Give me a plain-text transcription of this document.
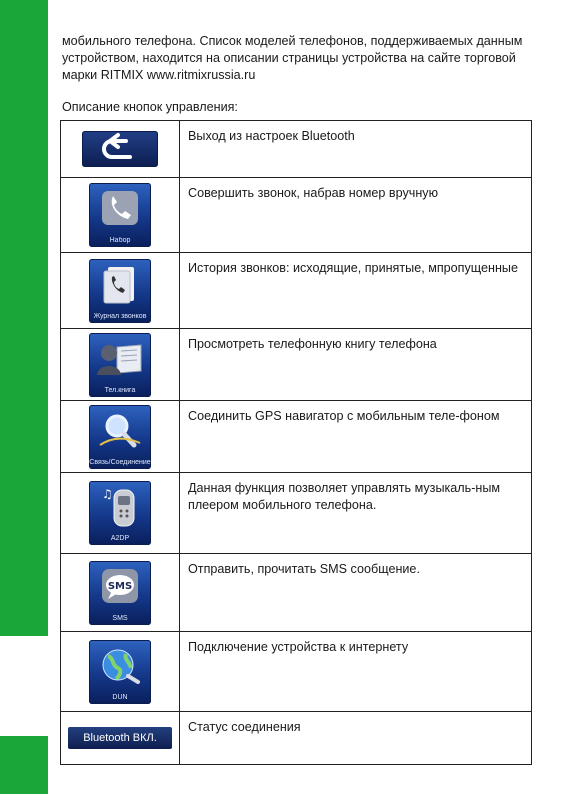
мобильного телефона. Список моделей телефонов, поддерживаемых данным устройством, находится на описании страницы устройства на сайте торговой марки RITMIX www.ritmixrussia.ru

Описание кнопок управления:

	Выход из настроек Bluetooth

Набор	Совершить звонок, набрав номер вручную

Журнал звонков	История звонков: исходящие, принятые, мпропущенные

Тел.книга	Просмотреть телефонную книгу телефона

Связь/Соединение	Соединить GPS навигатор с мобильным теле-фоном

♫
A2DP	Данная функция позволяет управлять музыкаль-ным плеером мобильного телефона.

SMS
SMS	Отправить, прочитать SMS сообщение.

DUN	Подключение устройства к интернету
Bluetooth ВКЛ.	Статус соединения
